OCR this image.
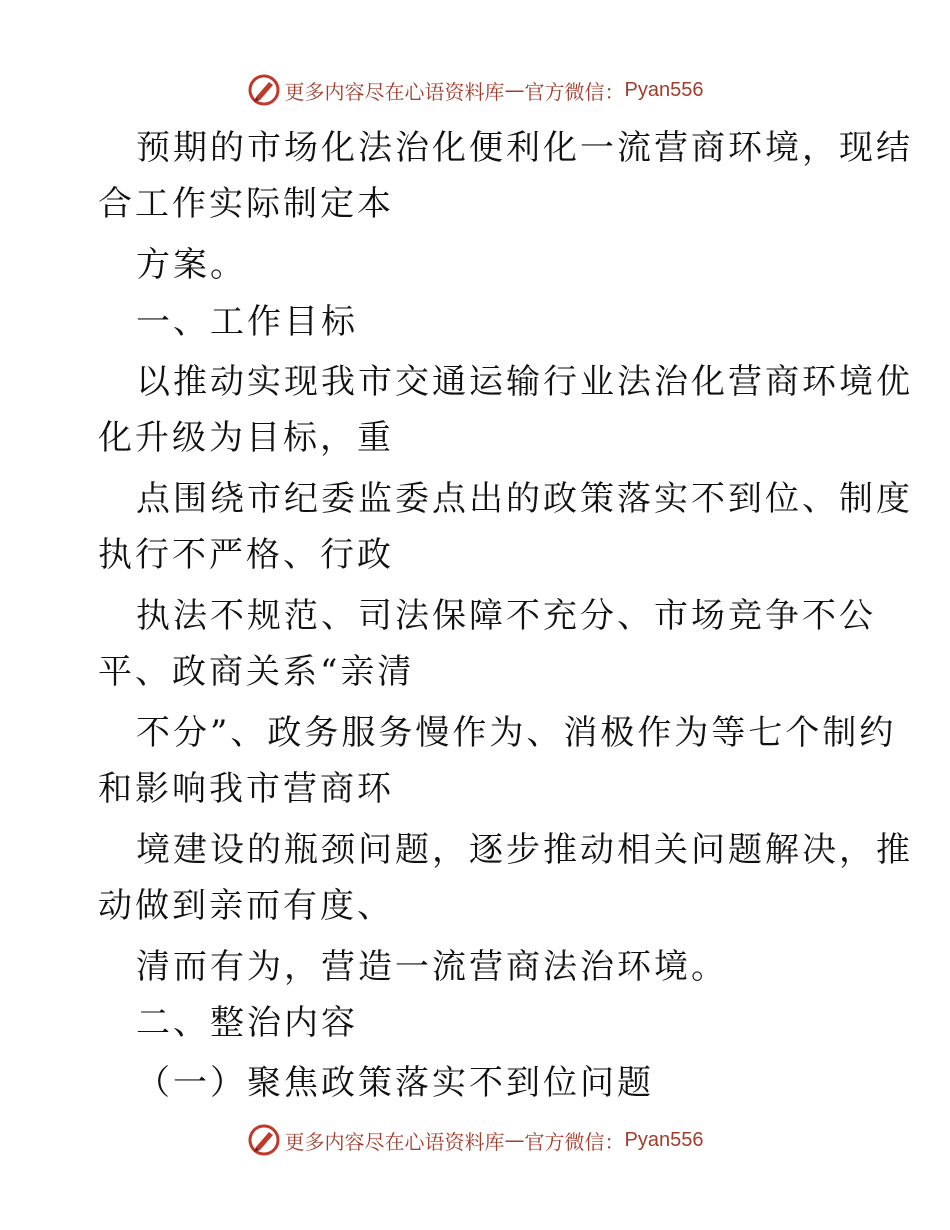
更多内容尽在心语资料库 — 官方微信： Pyan556
预期的市场化法治化便利化一流营商环境，现结
合工作实际制定本
方案。
一、工作目标
以推动实现我市交通运输行业法治化营商环境优
化升级为目标，重
点围绕市纪委监委点出的政策落实不到位、制度
执行不严格、行政
执法不规范、司法保障不充分、市场竞争不公
平、政商关系“亲清
不分”、政务服务慢作为、消极作为等七个制约
和影响我市营商环
境建设的瓶颈问题，逐步推动相关问题解决，推
动做到亲而有度、
清而有为，营造一流营商法治环境。
二、整治内容
（一）聚焦政策落实不到位问题
更多内容尽在心语资料库 — 官方微信： Pyan556
